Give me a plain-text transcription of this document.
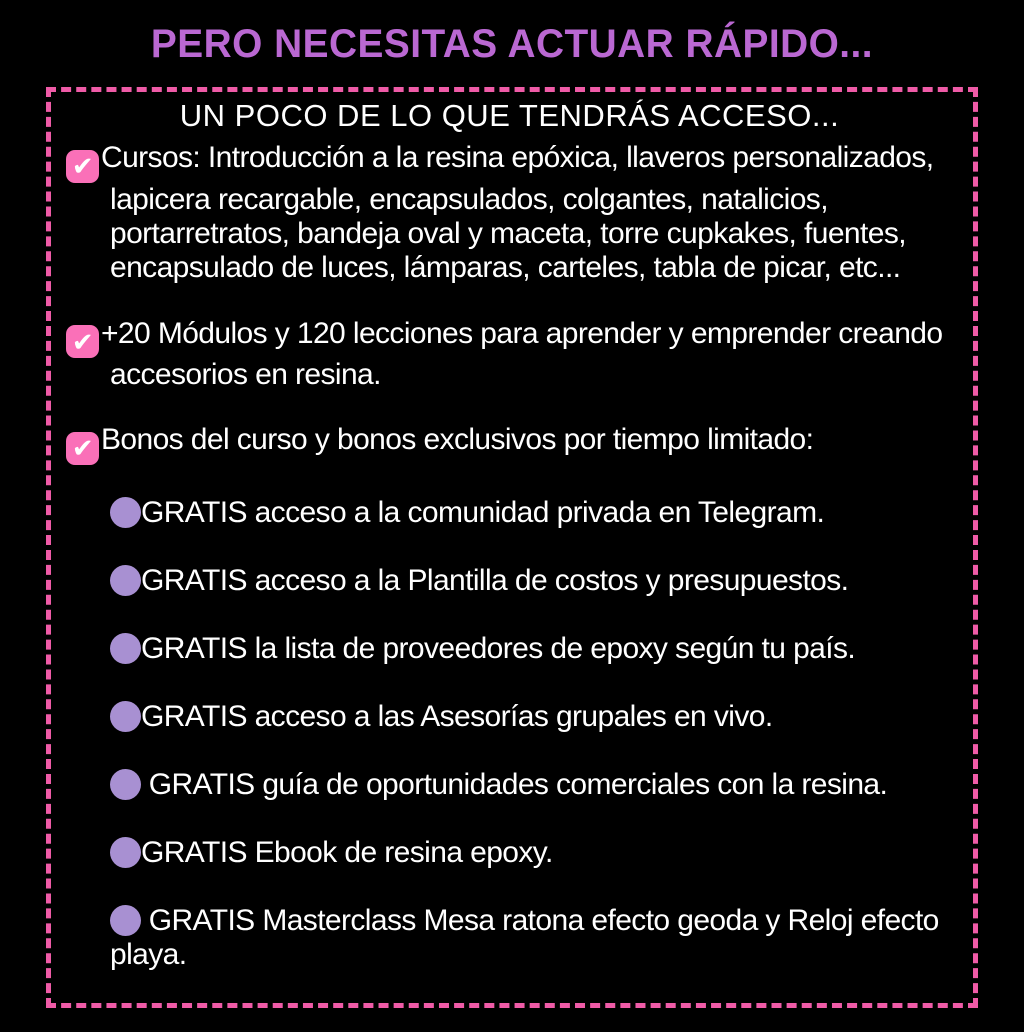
PERO NECESITAS ACTUAR RÁPIDO...
UN POCO DE LO QUE TENDRÁS ACCESO...
✔Cursos: Introducción a la resina epóxica, llaveros personalizados, lapicera recargable, encapsulados, colgantes, natalicios, portarretratos, bandeja oval y maceta, torre cupkakes, fuentes, encapsulado de luces, lámparas, carteles, tabla de picar, etc...
✔+20 Módulos y 120 lecciones para aprender y emprender creando accesorios en resina.
✔Bonos del curso y bonos exclusivos por tiempo limitado:
GRATIS acceso a la comunidad privada en Telegram.
GRATIS acceso a la Plantilla de costos y presupuestos.
GRATIS la lista de proveedores de epoxy según tu país.
GRATIS acceso a las Asesorías grupales en vivo.
GRATIS guía de oportunidades comerciales con la resina.
GRATIS Ebook de resina epoxy.
GRATIS Masterclass Mesa ratona efecto geoda y Reloj efecto playa.
